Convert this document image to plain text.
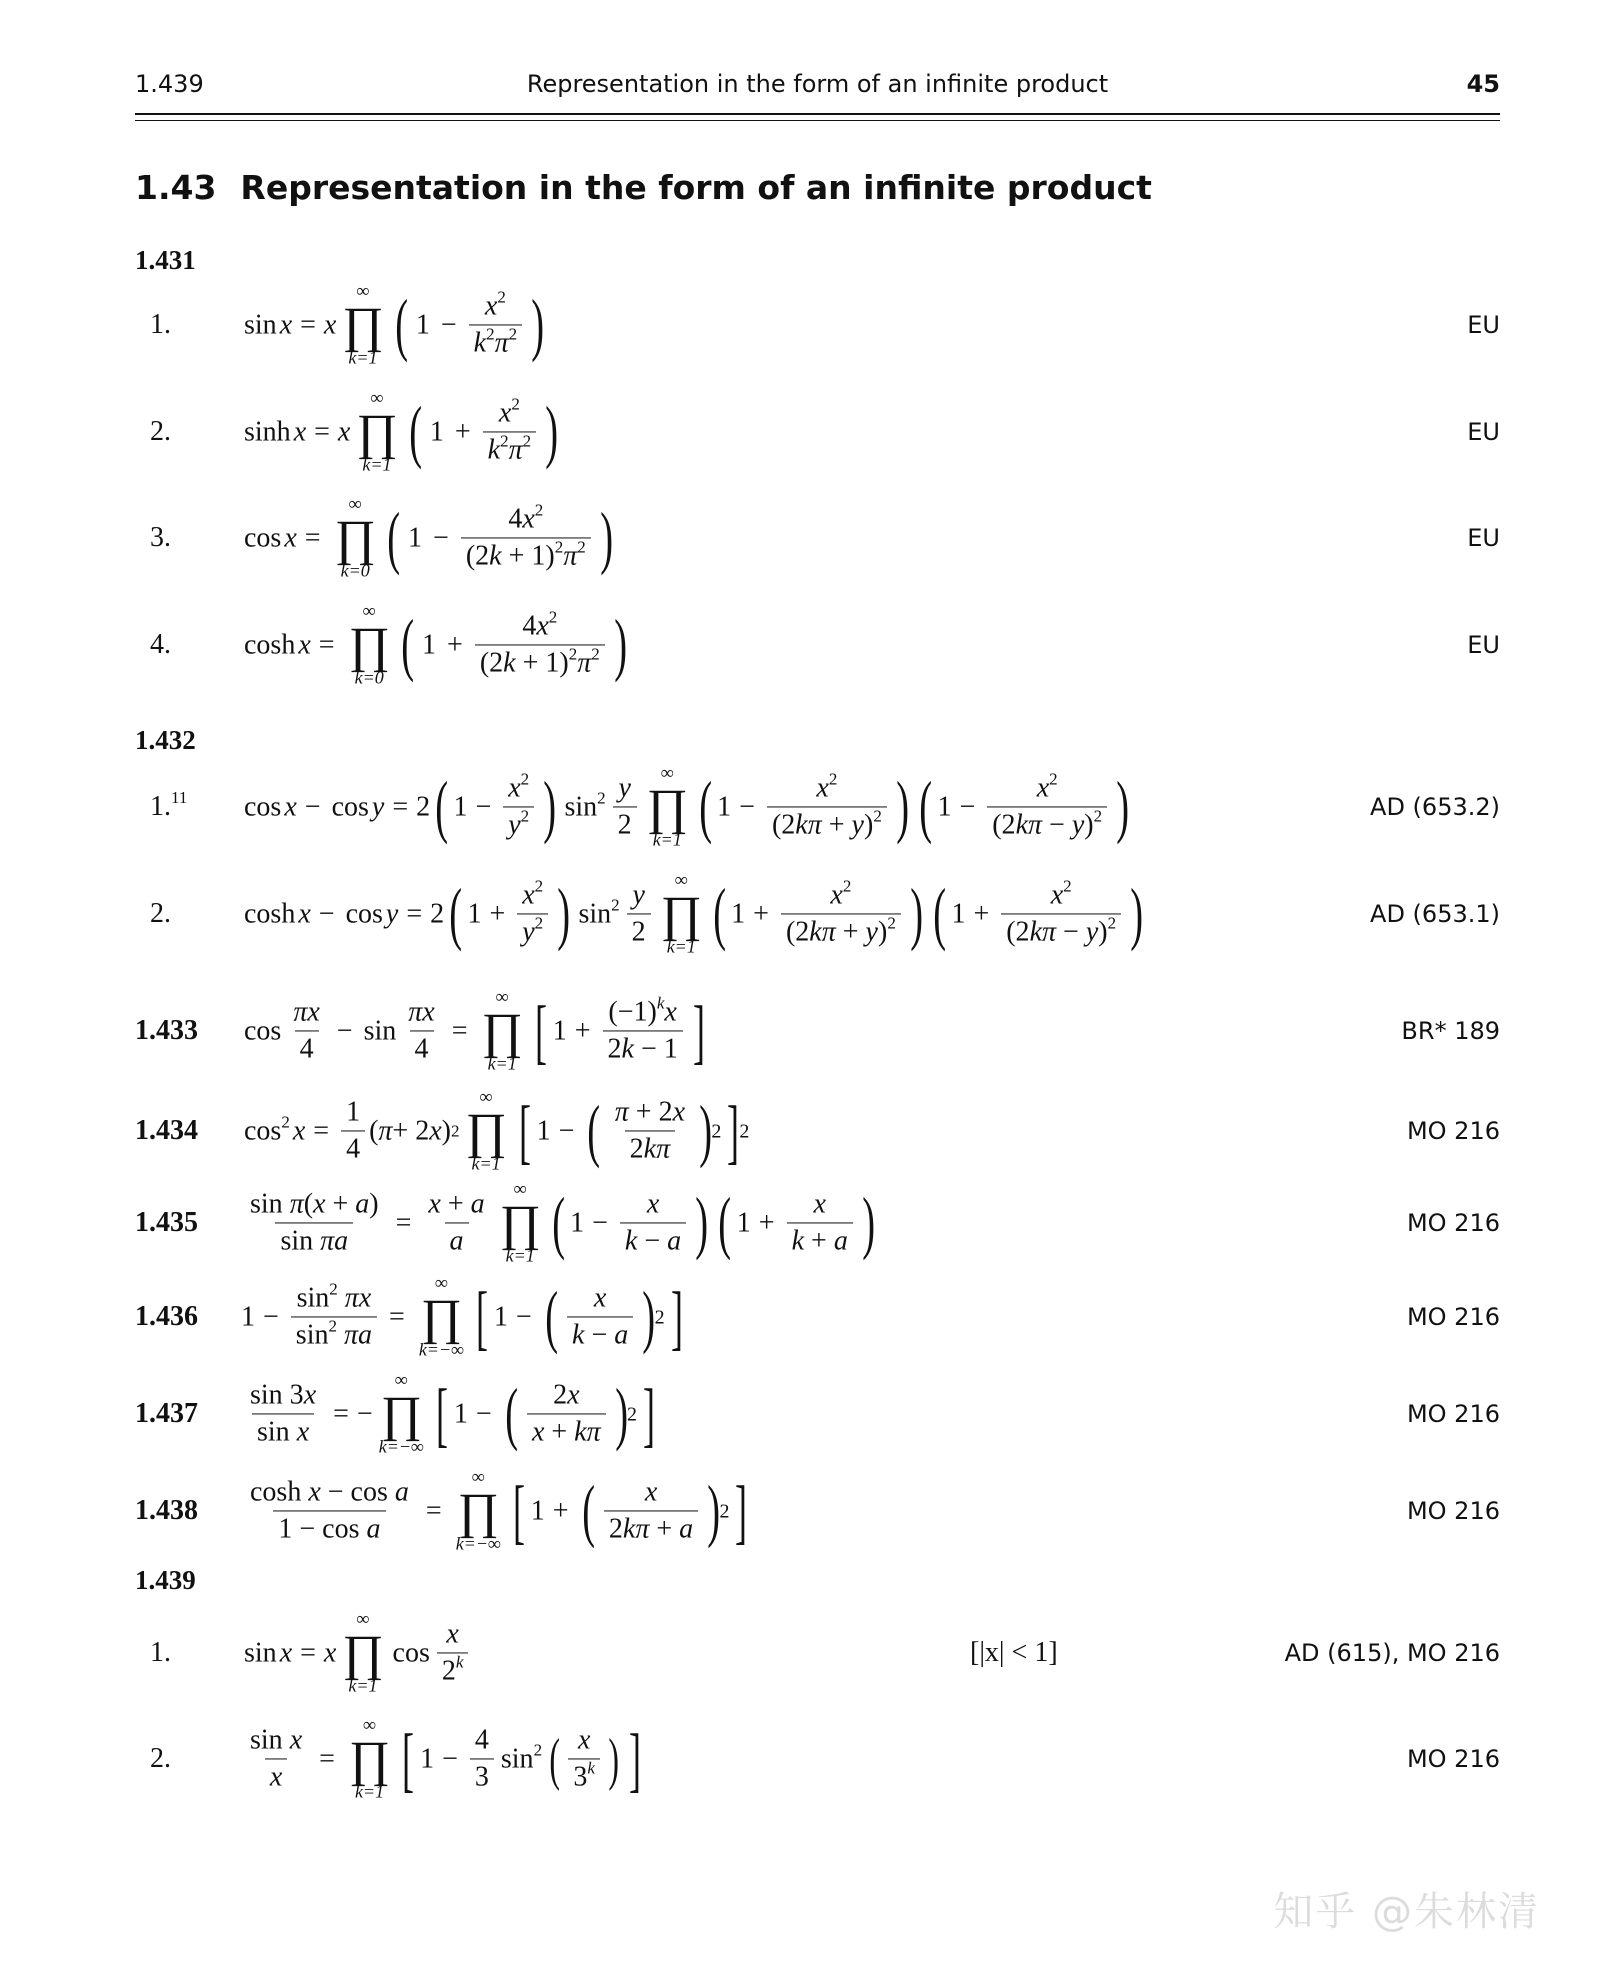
1.439	Representation in the form of an infinite product	45
1.43 Representation in the form of an infinite product
1.431
1.	sin x = x
∞
∏
k=1 ( $1 - \frac{x^2}{k^2\pi^2}$ )	EU
2.	sinh x = x
∞
∏
k=1 ( $1 + \frac{x^2}{k^2\pi^2}$ )	EU
3.	cos x =
∞
∏
k=0 ( $1 - \frac{4x^2}{(2k + 1)^2\pi^2}$ )	EU
4.	cosh x =
∞
∏
k=0 ( $1 + \frac{4x^2}{(2k + 1)^2\pi^2}$ )	EU
1.432
1.11 cos x − cos y = 2 ( $1 - \frac{x^2}{y^2}$ ) $\sin^2 \frac{y}{2}$
∞
∏
k=1 ( $1 - \frac{x^2}{(2k\pi + y)^2}$ ) ( $1 - \frac{x^2}{(2k\pi - y)^2}$ )	AD (653.2)
2.	cosh x − cos y = 2 ( $1 + \frac{x^2}{y^2}$ ) $\sin^2 \frac{y}{2}$
∞
∏
k=1 ( $1 + \frac{x^2}{(2k\pi + y)^2}$ ) ( $1 + \frac{x^2}{(2k\pi - y)^2}$ )	AD (653.1)
1.433 $\cos \frac{\pi x}{4} - \sin \frac{\pi x}{4}$ =
∞
∏
k=1 [ $1 + \frac{(-1)^kx}{2k - 1}$ ]	BR* 189
1.434 $\cos^2 x = \frac{1}{4}$ ( π + 2 x ) 2
∞
∏
k=1 [ 1 − ( $\frac{\pi + 2x}{2k\pi}$ ) 2 ] 2	MO 216
$1.435 \frac{\text{sin π(x + a)}}{\text{sin πa}} = \frac{x + a}{a}$
∞
∏
k=1 ( $1 - \frac{x}{k - a}$ ) ( $1 + \frac{x}{k + a}$ )	MO 216
1.436 $1 - \frac{\sin^2 \pi x}{\sin^2 \pi a}$ =
∞
∏
k=−∞ [ 1 − ( $\frac{x}{k - a}$ ) 2 ]	MO 216
$1.437 \frac{\sin 3x}{\text{sin x}}$ = −
∞
∏
k=−∞ [ 1 − ( $\frac{2x}{x + k\pi}$ ) 2 ]	MO 216
$1.438 \frac{\text{cosh x − cos a}}{\text{1 − cos a}}$ =
∞
∏
k=−∞ [ 1 + ( $\frac{x}{2k\pi + a}$ ) 2 ]	MO 216
1.439
1.	sin x = x
∞
∏
k=1
$\cos \frac{x}{2^k}$	[|x| < 1]	AD (615), MO 216
2.	$\frac{\text{sin x}}{x}$ =
∞
∏
k=1 [ $1 - \frac{4}{3} \sin^2$ ( $\frac{x}{3^k}$ ) ]	MO 216
知乎 @朱林清
